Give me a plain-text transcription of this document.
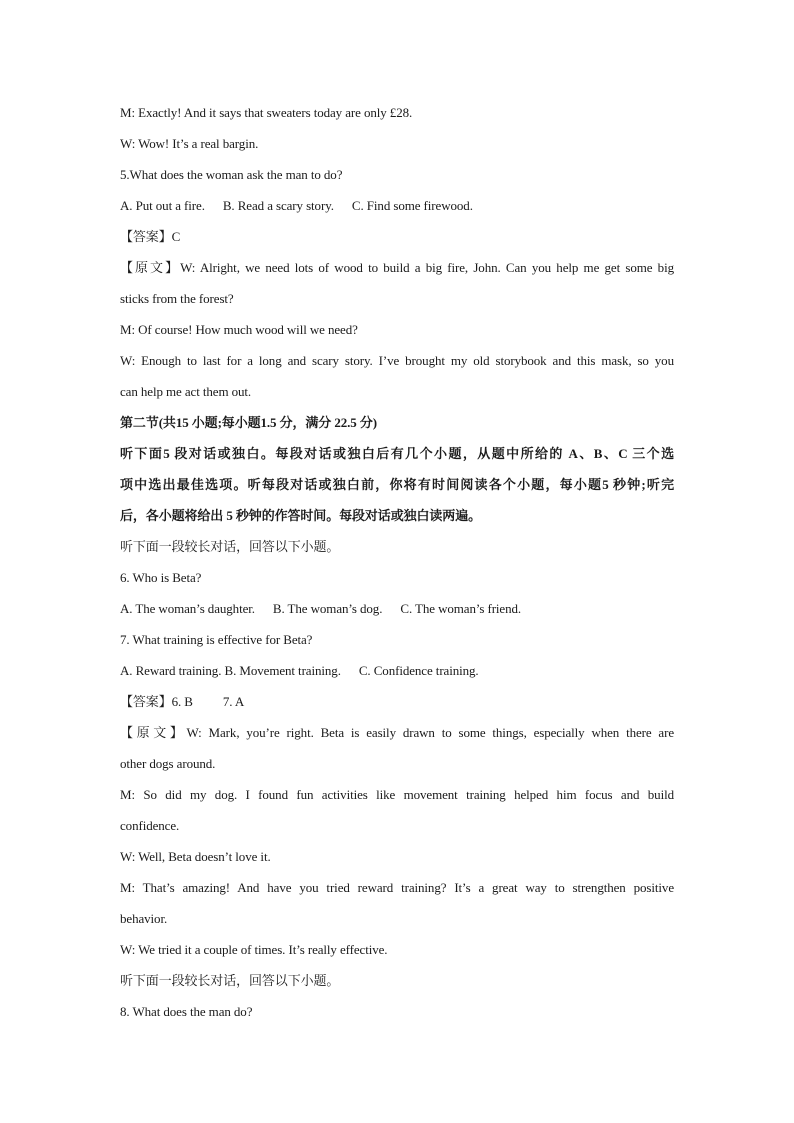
M: Exactly! And it says that sweaters today are only £28.
W: Wow! It’s a real bargin.
5.What does the woman ask the man to do?
A. Put out a fire. B. Read a scary story. C. Find some firewood.
【答案】C
【原文】W: Alright, we need lots of wood to build a big fire, John. Can you help me get some big
sticks from the forest?
M: Of course! How much wood will we need?
W: Enough to last for a long and scary story. I’ve brought my old storybook and this mask, so you
can help me act them out.
第二节(共15 小题;每小题1.5 分，满分 22.5 分)
听下面5 段对话或独白。每段对话或独白后有几个小题，从题中所给的 A、B、C 三个选
项中选出最佳选项。听每段对话或独白前，你将有时间阅读各个小题，每小题5 秒钟;听完
后，各小题将给出 5 秒钟的作答时间。每段对话或独白读两遍。
听下面一段较长对话，回答以下小题。
6. Who is Beta?
A. The woman’s daughter. B. The woman’s dog. C. The woman’s friend.
7. What training is effective for Beta?
A. Reward training. B. Movement training. C. Confidence training.
【答案】6. B 7. A
【原文】W: Mark, you’re right. Beta is easily drawn to some things, especially when there are
other dogs around.
M: So did my dog. I found fun activities like movement training helped him focus and build
confidence.
W: Well, Beta doesn’t love it.
M: That’s amazing! And have you tried reward training? It’s a great way to strengthen positive
behavior.
W: We tried it a couple of times. It’s really effective.
听下面一段较长对话，回答以下小题。
8. What does the man do?
